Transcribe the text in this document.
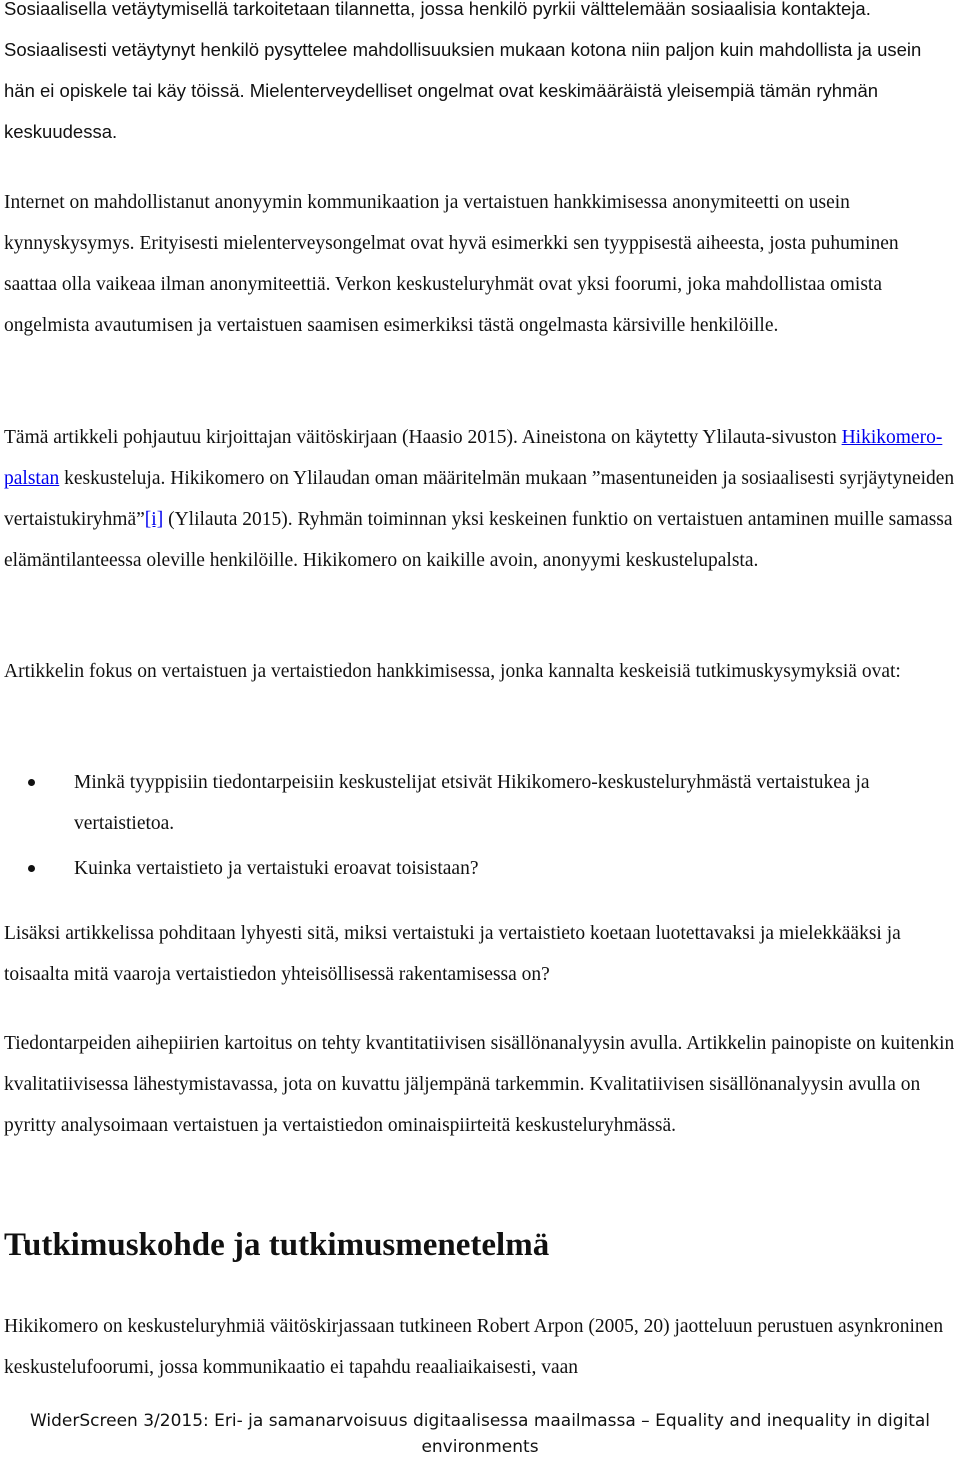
Sosiaalisella vetäytymisellä tarkoitetaan tilannetta, jossa henkilö pyrkii välttelemään sosiaalisia kontakteja. Sosiaalisesti vetäytynyt henkilö pysyttelee mahdollisuuksien mukaan kotona niin paljon kuin mahdollista ja usein hän ei opiskele tai käy töissä. Mielenterveydelliset ongelmat ovat keskimääräistä yleisempiä tämän ryhmän keskuudessa.

Internet on mahdollistanut anonyymin kommunikaation ja vertaistuen hankkimisessa anonymiteetti on usein kynnyskysymys. Erityisesti mielenterveysongelmat ovat hyvä esimerkki sen tyyppisestä aiheesta, josta puhuminen saattaa olla vaikeaa ilman anonymiteettiä. Verkon keskusteluryhmät ovat yksi foorumi, joka mahdollistaa omista ongelmista avautumisen ja vertaistuen saamisen esimerkiksi tästä ongelmasta kärsiville henkilöille.

Tämä artikkeli pohjautuu kirjoittajan väitöskirjaan (Haasio 2015). Aineistona on käytetty Ylilauta-sivuston Hikikomero-palstan keskusteluja. Hikikomero on Ylilaudan oman määritelmän mukaan ”masentuneiden ja sosiaalisesti syrjäytyneiden vertaistukiryhmä”[i] (Ylilauta 2015). Ryhmän toiminnan yksi keskeinen funktio on vertaistuen antaminen muille samassa elämäntilanteessa oleville henkilöille. Hikikomero on kaikille avoin, anonyymi keskustelupalsta.

Artikkelin fokus on vertaistuen ja vertaistiedon hankkimisessa, jonka kannalta keskeisiä tutkimuskysymyksiä ovat:

Minkä tyyppisiin tiedontarpeisiin keskustelijat etsivät Hikikomero-keskusteluryhmästä vertaistukea ja vertaistietoa.
Kuinka vertaistieto ja vertaistuki eroavat toisistaan?

Lisäksi artikkelissa pohditaan lyhyesti sitä, miksi vertaistuki ja vertaistieto koetaan luotettavaksi ja mielekkääksi ja toisaalta mitä vaaroja vertaistiedon yhteisöllisessä rakentamisessa on?

Tiedontarpeiden aihepiirien kartoitus on tehty kvantitatiivisen sisällönanalyysin avulla. Artikkelin painopiste on kuitenkin kvalitatiivisessa lähestymistavassa, jota on kuvattu jäljempänä tarkemmin. Kvalitatiivisen sisällönanalyysin avulla on pyritty analysoimaan vertaistuen ja vertaistiedon ominaispiirteitä keskusteluryhmässä.

Tutkimuskohde ja tutkimusmenetelmä

Hikikomero on keskusteluryhmiä väitöskirjassaan tutkineen Robert Arpon (2005, 20) jaotteluun perustuen asynkroninen keskustelufoorumi, jossa kommunikaatio ei tapahdu reaaliaikaisesti, vaan

WiderScreen 3/2015: Eri- ja samanarvoisuus digitaalisessa maailmassa – Equality and inequality in digital environments
